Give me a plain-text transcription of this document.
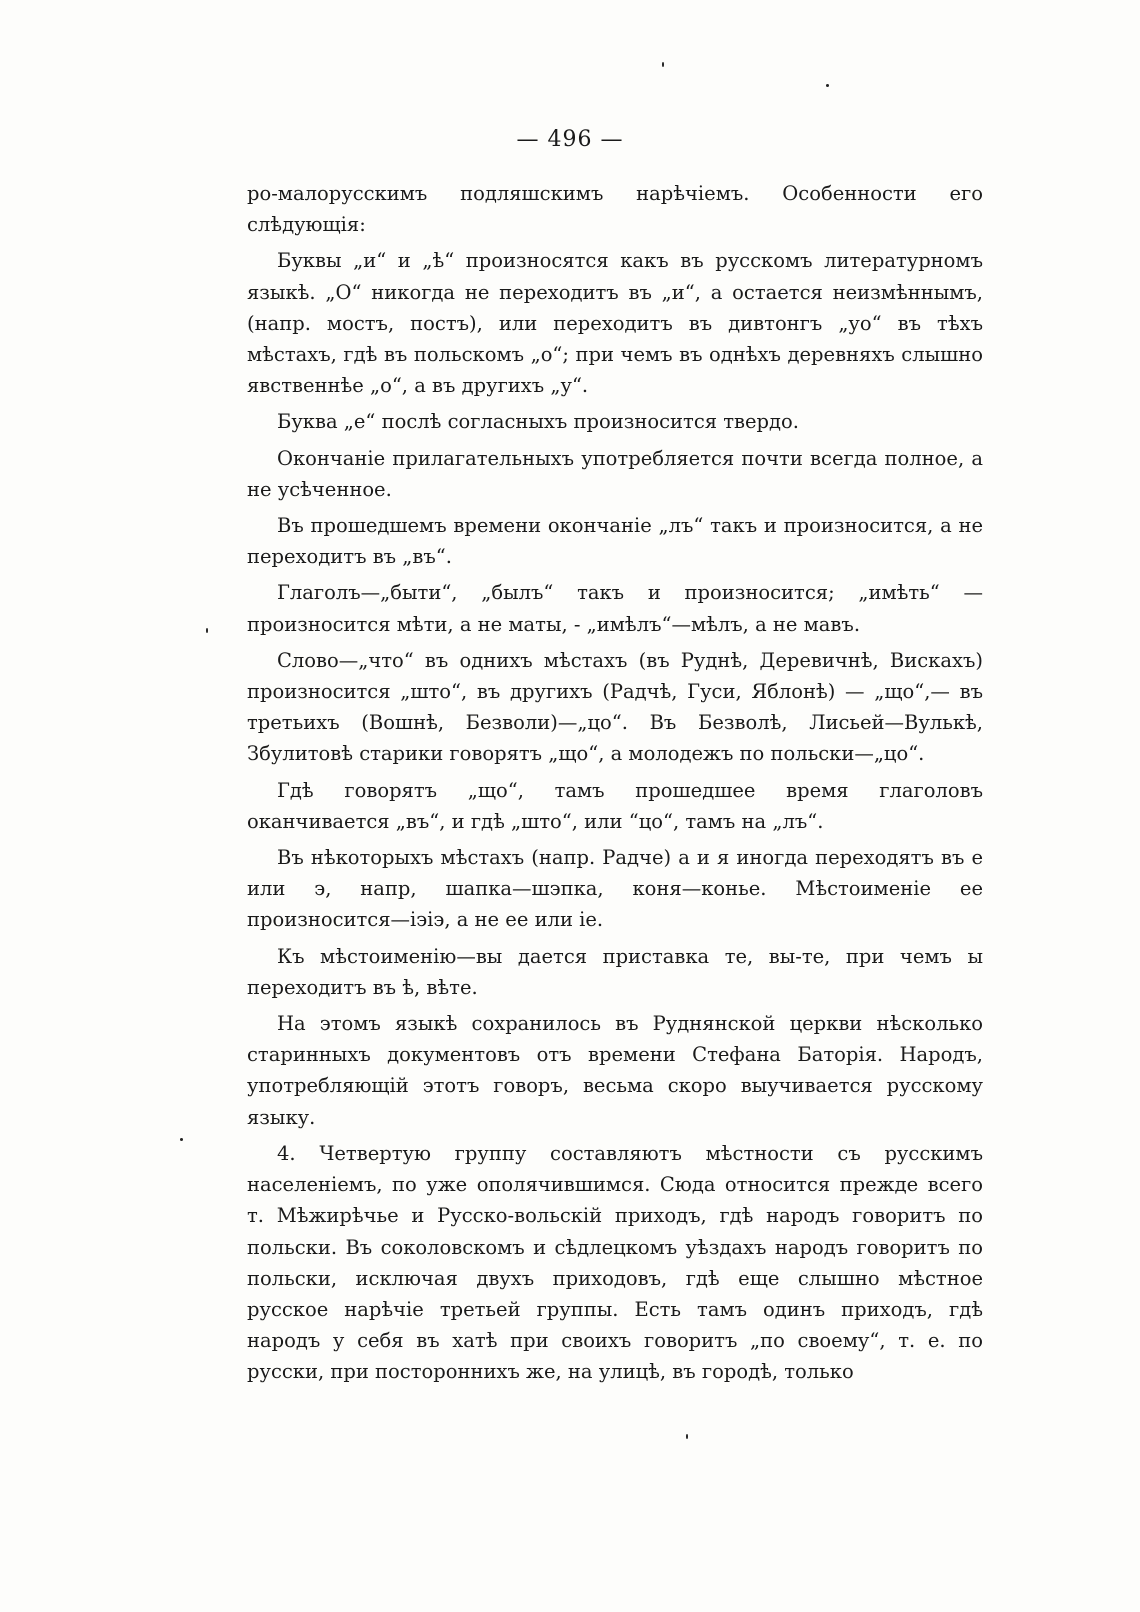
— 496 —

ро-малорусскимъ подляшскимъ нарѣчіемъ. Особенности его слѣдующія:

Буквы „и“ и „ѣ“ произносятся какъ въ русскомъ литературномъ языкѣ. „О“ никогда не переходитъ въ „и“, а остается неизмѣннымъ, (напр. мостъ, постъ), или переходитъ въ дивтонгъ „уо“ въ тѣхъ мѣстахъ, гдѣ въ польскомъ „о“; при чемъ въ однѣхъ деревняхъ слышно явственнѣе „о“, а въ другихъ „у“.

Буква „е“ послѣ согласныхъ произносится твердо.

Окончаніе прилагательныхъ употребляется почти всегда полное, а не усѣченное.

Въ прошедшемъ времени окончаніе „лъ“ такъ и произносится, а не переходитъ въ „въ“.

Глаголъ—„быти“, „былъ“ такъ и произносится; „имѣть“ — произносится мѣти, а не маты, - „имѣлъ“—мѣлъ, а не мавъ.

Слово—„что“ въ однихъ мѣстахъ (въ Руднѣ, Деревичнѣ, Вискахъ) произносится „што“, въ другихъ (Радчѣ, Гуси, Яблонѣ) — „що“,— въ третьихъ (Вошнѣ, Безволи)—„цо“. Въ Безволѣ, Лисьей—Вулькѣ, Збулитовѣ старики говорятъ „що“, а молодежъ по польски—„цо“.

Гдѣ говорятъ „що“, тамъ прошедшее время глаголовъ оканчивается „въ“, и гдѣ „што“, или “цо“, тамъ на „лъ“.

Въ нѣкоторыхъ мѣстахъ (напр. Радче) а и я иногда переходятъ въ е или э, напр, шапка—шэпка, коня—конье. Мѣстоименіе ее произносится—іэіэ, а не ее или іе.

Къ мѣстоименію—вы дается приставка те, вы-те, при чемъ ы переходитъ въ ѣ, вѣте.

На этомъ языкѣ сохранилось въ Руднянской церкви нѣсколько старинныхъ документовъ отъ времени Стефана Баторія. Народъ, употребляющій этотъ говоръ, весьма скоро выучивается русскому языку.

4. Четвертую группу составляютъ мѣстности съ русскимъ населеніемъ, по уже ополячившимся. Сюда относится прежде всего т. Мѣжирѣчье и Русско-вольскій приходъ, гдѣ народъ говоритъ по польски. Въ соколовскомъ и сѣдлецкомъ уѣздахъ народъ говоритъ по польски, исключая двухъ приходовъ, гдѣ еще слышно мѣстное русское нарѣчіе третьей группы. Есть тамъ одинъ приходъ, гдѣ народъ у себя въ хатѣ при своихъ говоритъ „по своему“, т. е. по русски, при постороннихъ же, на улицѣ, въ городѣ, только
